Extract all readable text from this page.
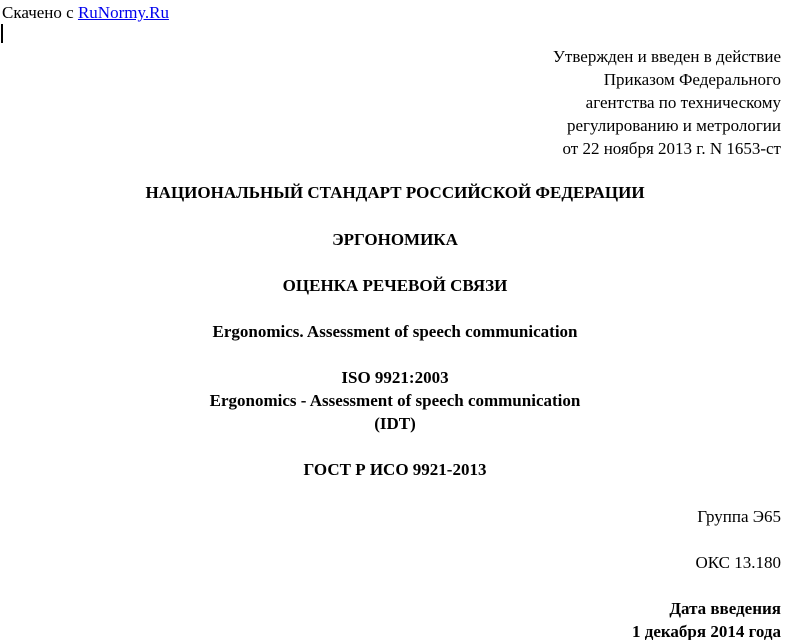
Скачено с RuNormy.Ru
Утвержден и введен в действие
Приказом Федерального
агентства по техническому
регулированию и метрологии
от 22 ноября 2013 г. N 1653-ст
НАЦИОНАЛЬНЫЙ СТАНДАРТ РОССИЙСКОЙ ФЕДЕРАЦИИ
ЭРГОНОМИКА
ОЦЕНКА РЕЧЕВОЙ СВЯЗИ
Ergonomics. Assessment of speech communication
ISO 9921:2003
Ergonomics - Assessment of speech communication
(IDT)
ГОСТ Р ИСО 9921-2013
Группа Э65
ОКС 13.180
Дата введения
1 декабря 2014 года
